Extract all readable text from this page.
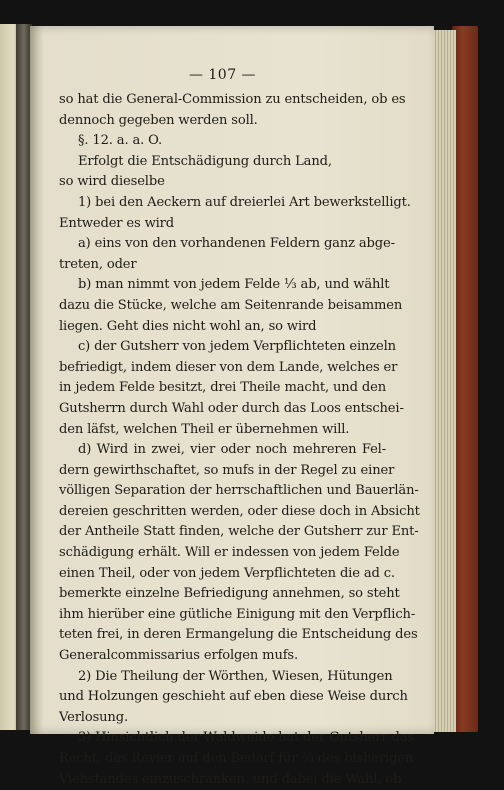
— 107 —
so hat die General-Commission zu entscheiden, ob es
dennoch gegeben werden soll.
§. 12. a. a. O.
Erfolgt die Entschädigung durch Land,
so wird dieselbe
1) bei den Aeckern auf dreierlei Art bewerkstelligt.
Entweder es wird
a) eins von den vorhandenen Feldern ganz abge-
treten, oder
b) man nimmt von jedem Felde ⅓ ab, und wählt
dazu die Stücke, welche am Seitenrande beisammen
liegen. Geht dies nicht wohl an, so wird
c) der Gutsherr von jedem Verpflichteten einzeln
befriedigt, indem dieser von dem Lande, welches er
in jedem Felde besitzt, drei Theile macht, und den
Gutsherrn durch Wahl oder durch das Loos entschei-
den läfst, welchen Theil er übernehmen will.
d) Wird in zwei, vier oder noch mehreren Fel-
dern gewirthschaftet, so mufs in der Regel zu einer
völligen Separation der herrschaftlichen und Bauerlän-
dereien geschritten werden, oder diese doch in Absicht
der Antheile Statt finden, welche der Gutsherr zur Ent-
schädigung erhält. Will er indessen von jedem Felde
einen Theil, oder von jedem Verpflichteten die ad c.
bemerkte einzelne Befriedigung annehmen, so steht
ihm hierüber eine gütliche Einigung mit den Verpflich-
teten frei, in deren Ermangelung die Entscheidung des
Generalcommissarius erfolgen mufs.
2) Die Theilung der Wörthen, Wiesen, Hütungen
und Holzungen geschieht auf eben diese Weise durch
Verlosung.
3) Hinsichtlich der Waldweide hat der Gutsherr das
Recht, das Revier auf den Bedarf für ⅔ des bisherigen
Viehstandes einzuschränken, und dabei die Wahl, ob
